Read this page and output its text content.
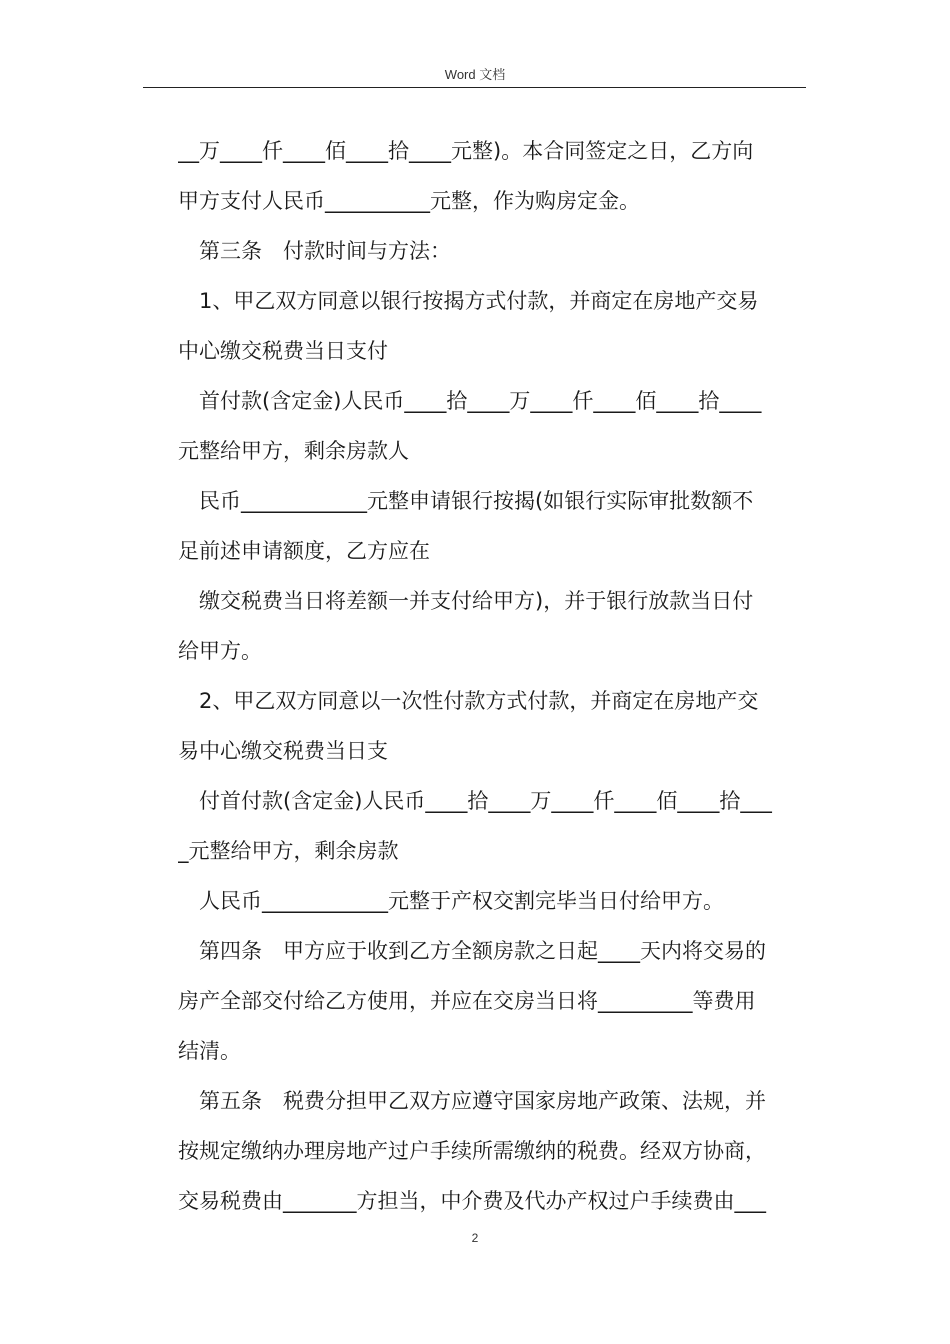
Word 文档
__万____仟____佰____拾____元整)。本合同签定之日，乙方向
甲方支付人民币__________元整，作为购房定金。
第三条　付款时间与方法：
1、甲乙双方同意以银行按揭方式付款，并商定在房地产交易
中心缴交税费当日支付
首付款(含定金)人民币____拾____万____仟____佰____拾____
元整给甲方，剩余房款人
民币____________元整申请银行按揭(如银行实际审批数额不
足前述申请额度，乙方应在
缴交税费当日将差额一并支付给甲方)，并于银行放款当日付
给甲方。
2、甲乙双方同意以一次性付款方式付款，并商定在房地产交
易中心缴交税费当日支
付首付款(含定金)人民币____拾____万____仟____佰____拾___
_元整给甲方，剩余房款
人民币____________元整于产权交割完毕当日付给甲方。
第四条　甲方应于收到乙方全额房款之日起____天内将交易的
房产全部交付给乙方使用，并应在交房当日将_________等费用
结清。
第五条　税费分担甲乙双方应遵守国家房地产政策、法规，并
按规定缴纳办理房地产过户手续所需缴纳的税费。经双方协商，
交易税费由_______方担当，中介费及代办产权过户手续费由___
2
